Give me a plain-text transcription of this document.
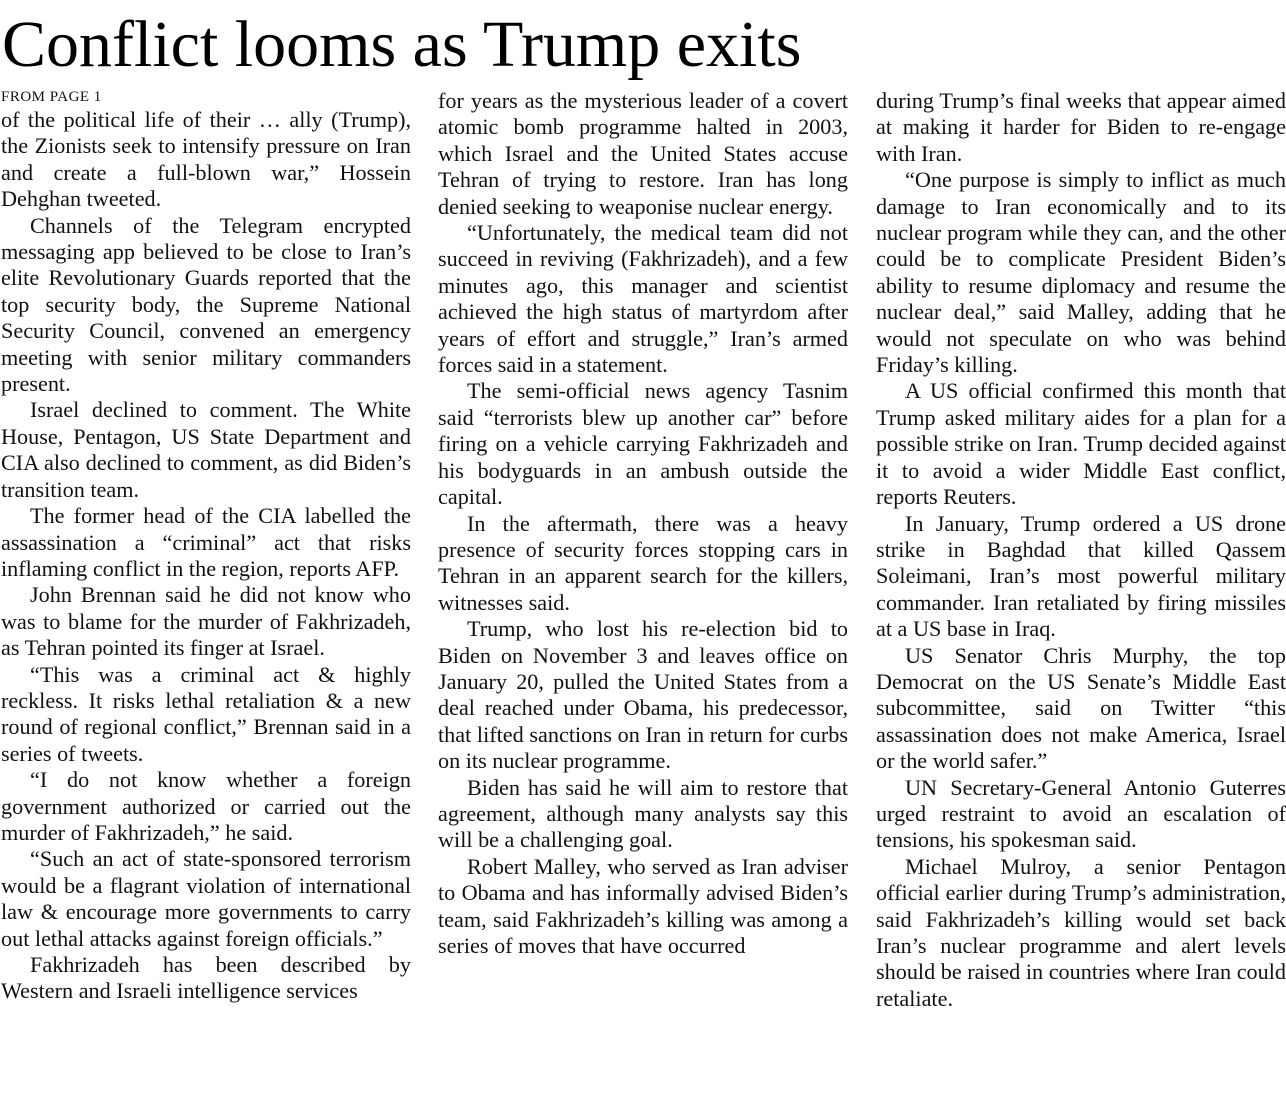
Conflict looms as Trump exits
FROM PAGE 1

of the political life of their … ally (Trump), the Zionists seek to intensify pressure on Iran and create a full-blown war,” Hossein Dehghan tweeted.

Channels of the Telegram encrypted messaging app believed to be close to Iran’s elite Revolutionary Guards reported that the top security body, the Supreme National Security Council, convened an emergency meeting with senior military commanders present.

Israel declined to comment. The White House, Pentagon, US State Department and CIA also declined to comment, as did Biden’s transition team.

The former head of the CIA labelled the assassination a “criminal” act that risks inflaming conflict in the region, reports AFP.

John Brennan said he did not know who was to blame for the murder of Fakhrizadeh, as Tehran pointed its finger at Israel.

“This was a criminal act & highly reckless. It risks lethal retaliation & a new round of regional conflict,” Brennan said in a series of tweets.

“I do not know whether a foreign government authorized or carried out the murder of Fakhrizadeh,” he said.

“Such an act of state-sponsored terrorism would be a flagrant violation of international law & encourage more governments to carry out lethal attacks against foreign officials.”

Fakhrizadeh has been described by Western and Israeli intelligence services

for years as the mysterious leader of a covert atomic bomb programme halted in 2003, which Israel and the United States accuse Tehran of trying to restore. Iran has long denied seeking to weaponise nuclear energy.

“Unfortunately, the medical team did not succeed in reviving (Fakhrizadeh), and a few minutes ago, this manager and scientist achieved the high status of martyrdom after years of effort and struggle,” Iran’s armed forces said in a statement.

The semi-official news agency Tasnim said “terrorists blew up another car” before firing on a vehicle carrying Fakhrizadeh and his bodyguards in an ambush outside the capital.

In the aftermath, there was a heavy presence of security forces stopping cars in Tehran in an apparent search for the killers, witnesses said.

Trump, who lost his re-election bid to Biden on November 3 and leaves office on January 20, pulled the United States from a deal reached under Obama, his predecessor, that lifted sanctions on Iran in return for curbs on its nuclear programme.

Biden has said he will aim to restore that agreement, although many analysts say this will be a challenging goal.

Robert Malley, who served as Iran adviser to Obama and has informally advised Biden’s team, said Fakhrizadeh’s killing was among a series of moves that have occurred

during Trump’s final weeks that appear aimed at making it harder for Biden to re-engage with Iran.

“One purpose is simply to inflict as much damage to Iran economically and to its nuclear program while they can, and the other could be to complicate President Biden’s ability to resume diplomacy and resume the nuclear deal,” said Malley, adding that he would not speculate on who was behind Friday’s killing.

A US official confirmed this month that Trump asked military aides for a plan for a possible strike on Iran. Trump decided against it to avoid a wider Middle East conflict, reports Reuters.

In January, Trump ordered a US drone strike in Baghdad that killed Qassem Soleimani, Iran’s most powerful military commander. Iran retaliated by firing missiles at a US base in Iraq.

US Senator Chris Murphy, the top Democrat on the US Senate’s Middle East subcommittee, said on Twitter “this assassination does not make America, Israel or the world safer.”

UN Secretary-General Antonio Guterres urged restraint to avoid an escalation of tensions, his spokesman said.

Michael Mulroy, a senior Pentagon official earlier during Trump’s administration, said Fakhrizadeh’s killing would set back Iran’s nuclear programme and alert levels should be raised in countries where Iran could retaliate.
